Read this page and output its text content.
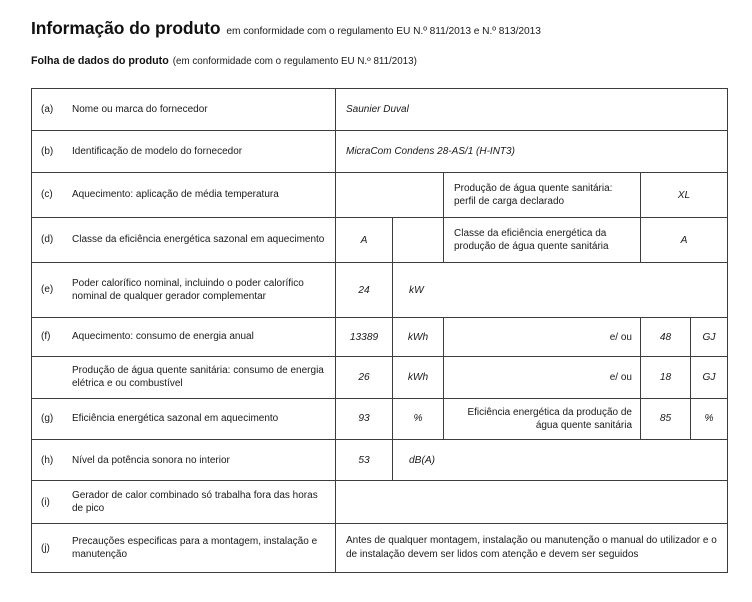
Informação do produto em conformidade com o regulamento EU N.º 811/2013 e N.º 813/2013
Folha de dados do produto (em conformidade com o regulamento EU N.º 811/2013)
(a) Nome ou marca do fornecedor	Saunier Duval				

(b) Identificação de modelo do fornecedor	MicraCom Condens 28-AS/1 (H-INT3)				

(c) Aquecimento: aplicação de média temperatura			Produção de água quente sanitária: perfil de carga declarado	XL	

(d) Classe da eficiência energética sazonal em aquecimento	A		Classe da eficiência energética da produção de água quente sanitária	A	

(e)
Poder calorífico nominal, incluindo o poder calorífico nominal de qualquer gerador complementar	24	kW			

(f) Aquecimento: consumo de energia anual	13389	kWh	e/ ou	48	GJ

Produção de água quente sanitária: consumo de energia elétrica e ou combustível	26	kWh	e/ ou	18	GJ

(g) Eficiência energética sazonal em aquecimento	93	%	Eficiência energética da produção de água quente sanitária	85	%

(h) Nível da potência sonora no interior	53	dB(A)			

(i)
Gerador de calor combinado só trabalha fora das horas de pico					

(j)
Precauções especificas para a montagem, instalação e manutenção	Antes de qualquer montagem, instalação ou manutenção o manual do utilizador e o de instalação devem ser lidos com atenção e devem ser seguidos				
